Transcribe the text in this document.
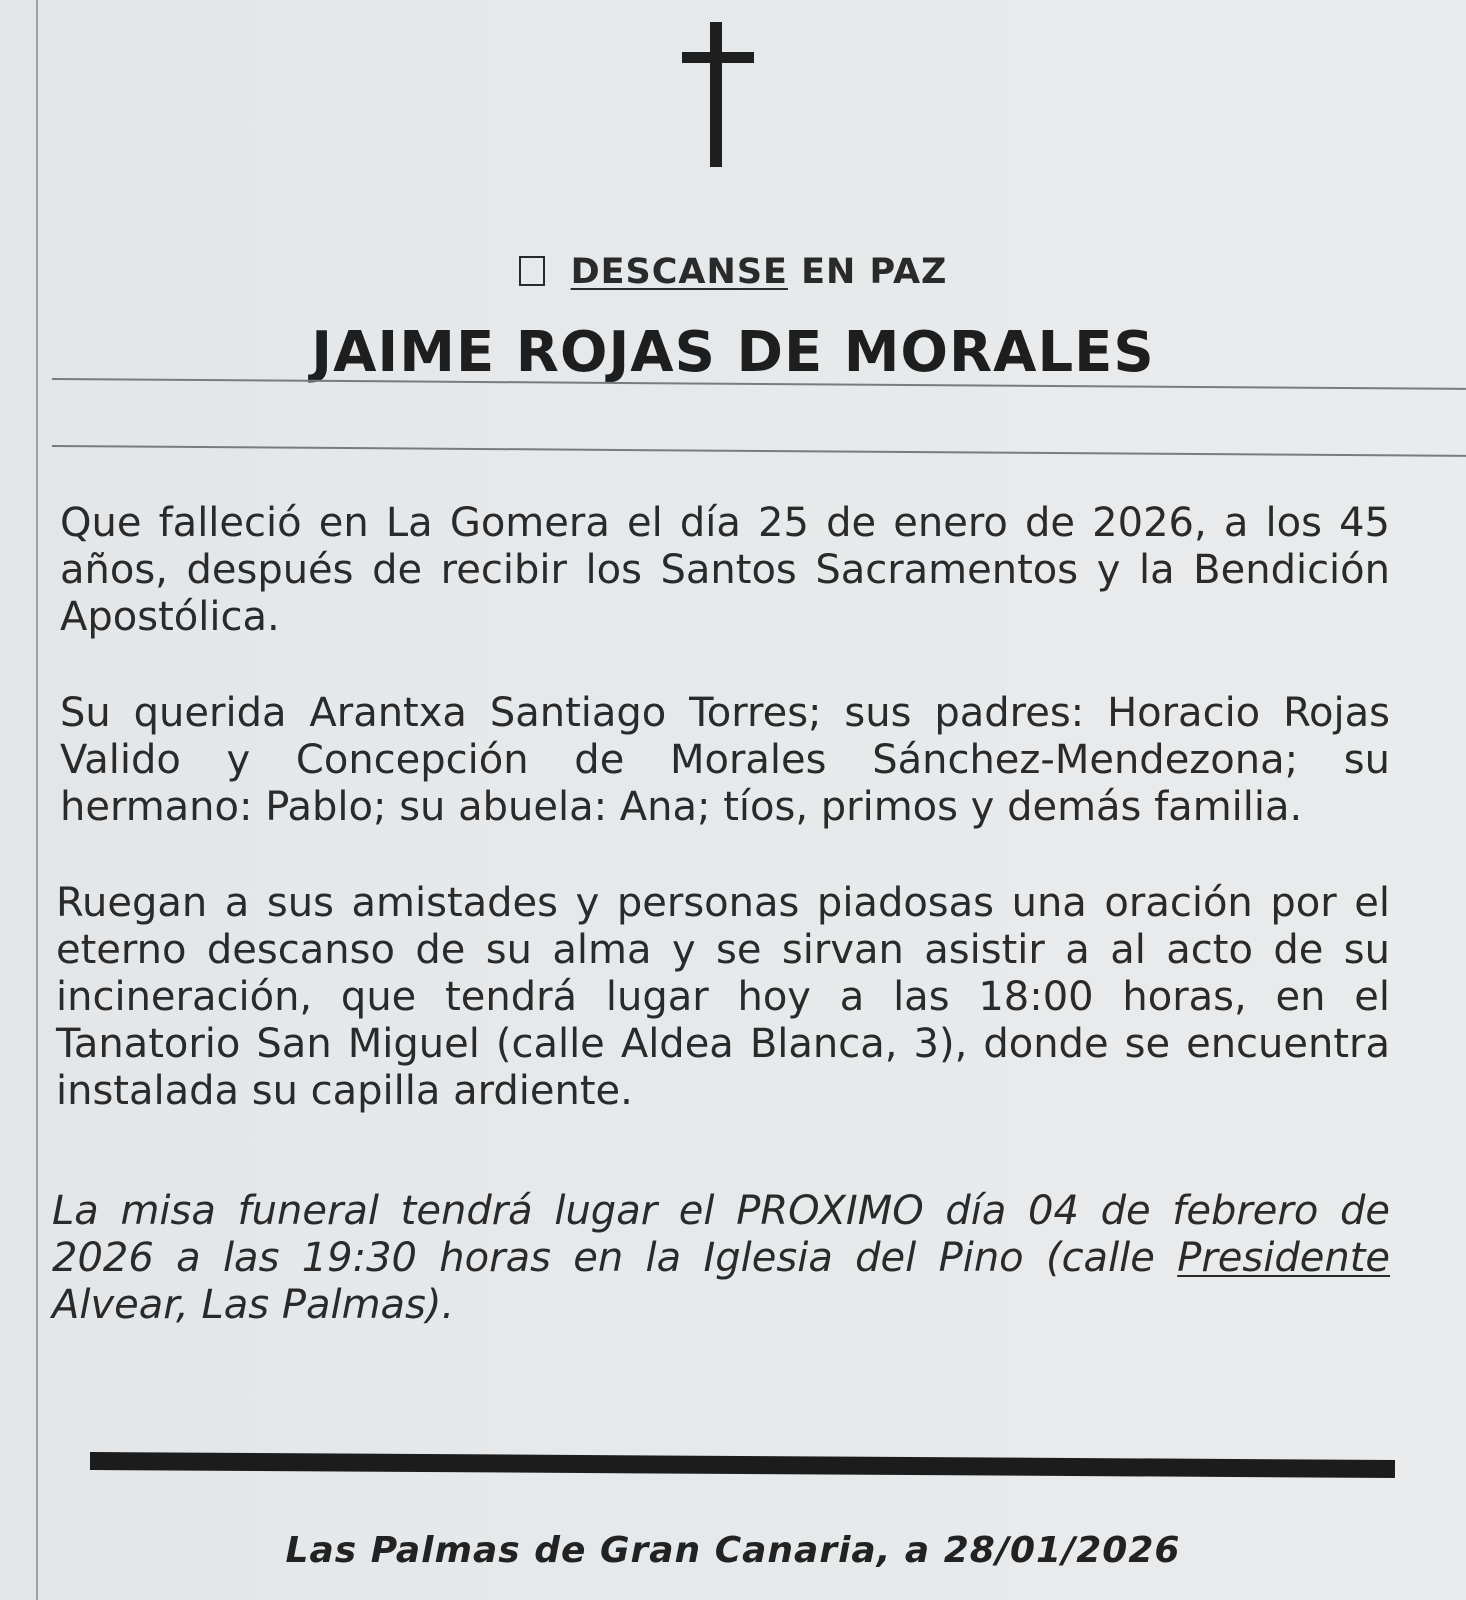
DESCANSE EN PAZ
JAIME ROJAS DE MORALES

Que falleció en La Gomera el día 25 de enero de 2026, a los 45 años, después de recibir los Santos Sacramentos y la Bendición Apostólica.

Su querida Arantxa Santiago Torres; sus padres: Horacio Rojas Valido y Concepción de Morales Sánchez-Mendezona; su hermano: Pablo; su abuela: Ana; tíos, primos y demás familia.

Ruegan a sus amistades y personas piadosas una oración por el eterno descanso de su alma y se sirvan asistir a al acto de su incineración, que tendrá lugar hoy a las 18:00 horas, en el Tanatorio San Miguel (calle Aldea Blanca, 3), donde se encuentra instalada su capilla ardiente.

La misa funeral tendrá lugar el PROXIMO día 04 de febrero de 2026 a las 19:30 horas en la Iglesia del Pino (calle Presidente Alvear, Las Palmas).

Las Palmas de Gran Canaria, a 28/01/2026
